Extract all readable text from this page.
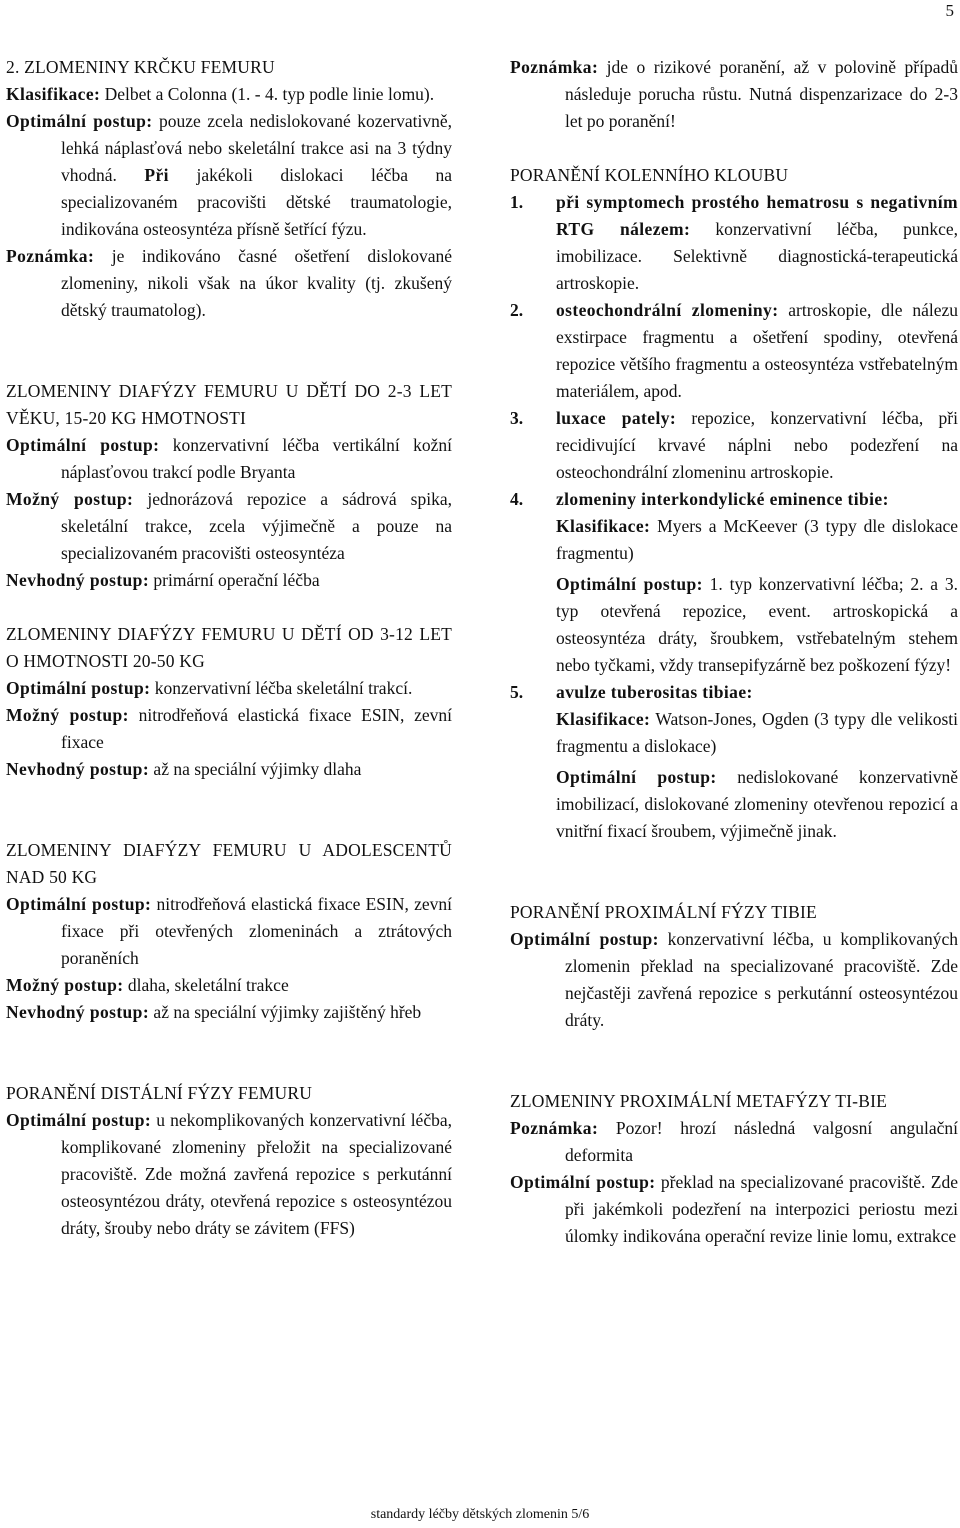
5

2. ZLOMENINY KRČKU FEMURU

Klasifikace: Delbet a Colonna (1. - 4. typ podle linie lomu).

Optimální postup: pouze zcela nedislokované kozervativně, lehká náplasťová nebo skeletální trakce asi na 3 týdny vhodná. Při jakékoli dislokaci léčba na specializovaném pracovišti dětské traumatologie, indikována osteosyntéza přísně šetřící fýzu.

Poznámka: je indikováno časné ošetření dislokované zlomeniny, nikoli však na úkor kvality (tj. zkušený dětský traumatolog).

ZLOMENINY DIAFÝZY FEMURU U DĚTÍ DO 2-3 LET VĚKU, 15-20 KG HMOTNOSTI

Optimální postup: konzervativní léčba vertikální kožní náplasťovou trakcí podle Bryanta

Možný postup: jednorázová repozice a sádrová spika, skeletální trakce, zcela výjimečně a pouze na specializovaném pracovišti osteosyntéza

Nevhodný postup: primární operační léčba

ZLOMENINY DIAFÝZY FEMURU U DĚTÍ OD 3-12 LET O HMOTNOSTI 20-50 KG

Optimální postup: konzervativní léčba skeletální trakcí.

Možný postup: nitrodřeňová elastická fixace ESIN, zevní fixace

Nevhodný postup: až na speciální výjimky dlaha

ZLOMENINY DIAFÝZY FEMURU U ADOLESCENTŮ NAD 50 KG

Optimální postup: nitrodřeňová elastická fixace ESIN, zevní fixace při otevřených zlomeninách a ztrátových poraněních

Možný postup: dlaha, skeletální trakce

Nevhodný postup: až na speciální výjimky zajištěný hřeb

PORANĚNÍ DISTÁLNÍ FÝZY FEMURU

Optimální postup: u nekomplikovaných konzervativní léčba, komplikované zlomeniny přeložit na specializované pracoviště. Zde možná zavřená repozice s perkutánní osteosyntézou dráty, otevřená repozice s osteosyntézou dráty, šrouby nebo dráty se závitem (FFS)

Poznámka: jde o rizikové poranění, až v polovině případů následuje porucha růstu. Nutná dispenzarizace do 2-3 let po poranění!

PORANĚNÍ KOLENNÍHO KLOUBU

1. při symptomech prostého hematrosu s negativním RTG nálezem: konzervativní léčba, punkce, imobilizace. Selektivně diagnostická-terapeutická artroskopie.
2. osteochondrální zlomeniny: artroskopie, dle nálezu exstirpace fragmentu a ošetření spodiny, otevřená repozice většího fragmentu a osteosyntéza vstřebatelným materiálem, apod.
3. luxace pately: repozice, konzervativní léčba, při recidivující krvavé náplni nebo podezření na osteochondrální zlomeninu artroskopie.
4. zlomeniny interkondylické eminence tibie:

Klasifikace: Myers a McKeever (3 typy dle dislokace fragmentu)

Optimální postup: 1. typ konzervativní léčba; 2. a 3. typ otevřená repozice, event. artroskopická a osteosyntéza dráty, šroubkem, vstřebatelným stehem nebo tyčkami, vždy transepifyzárně bez poškození fýzy!

5. avulze tuberositas tibiae:

Klasifikace: Watson-Jones, Ogden (3 typy dle velikosti fragmentu a dislokace)

Optimální postup: nedislokované konzervativně imobilizací, dislokované zlomeniny otevřenou repozicí a vnitřní fixací šroubem, výjimečně jinak.

PORANĚNÍ PROXIMÁLNÍ FÝZY TIBIE

Optimální postup: konzervativní léčba, u komplikovaných zlomenin překlad na specializované pracoviště. Zde nejčastěji zavřená repozice s perkutánní osteosyntézou dráty.

ZLOMENINY PROXIMÁLNÍ METAFÝZY TI-BIE

Poznámka: Pozor! hrozí následná valgosní angulační deformita

Optimální postup: překlad na specializované pracoviště. Zde při jakémkoli podezření na interpozici periostu mezi úlomky indikována operační revize linie lomu, extrakce

standardy léčby dětských zlomenin 5/6
